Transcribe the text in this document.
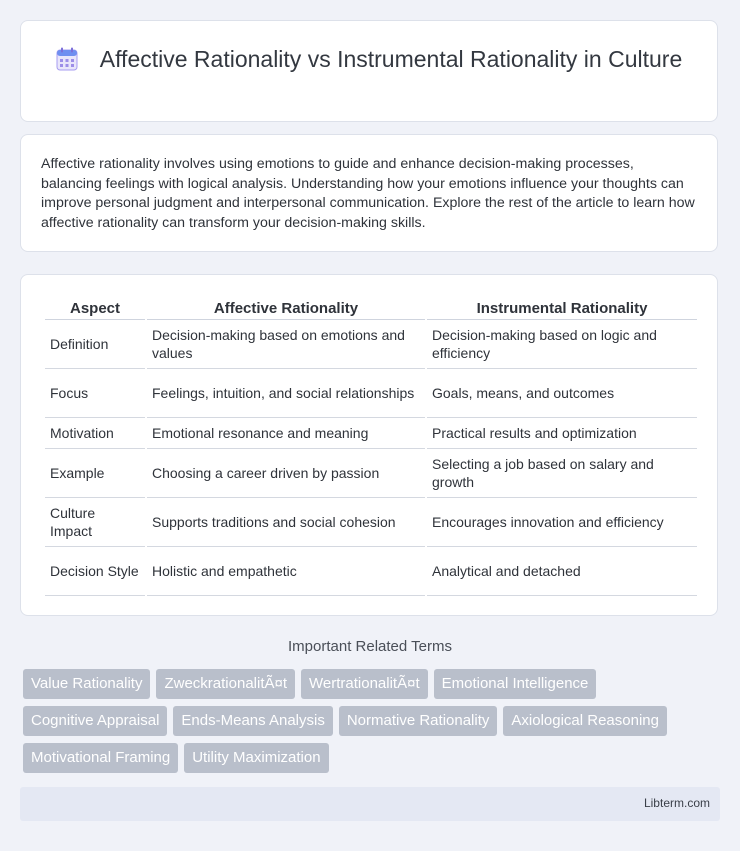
Affective Rationality vs Instrumental Rationality in Culture
Affective rationality involves using emotions to guide and enhance decision-making processes, balancing feelings with logical analysis. Understanding how your emotions influence your thoughts can improve personal judgment and interpersonal communication. Explore the rest of the article to learn how affective rationality can transform your decision-making skills.
Aspect	Affective Rationality	Instrumental Rationality
Definition	Decision-making based on emotions and values	Decision-making based on logic and efficiency
Focus	Feelings, intuition, and social relationships	Goals, means, and outcomes
Motivation	Emotional resonance and meaning	Practical results and optimization
Example	Choosing a career driven by passion	Selecting a job based on salary and growth
Culture Impact	Supports traditions and social cohesion	Encourages innovation and efficiency
Decision Style	Holistic and empathetic	Analytical and detached
Important Related Terms
Value Rationality	ZweckrationalitÃ¤t	WertrationalitÃ¤t	Emotional Intelligence
Cognitive Appraisal	Ends-Means Analysis	Normative Rationality	Axiological Reasoning
Motivational Framing	Utility Maximization
Libterm.com
